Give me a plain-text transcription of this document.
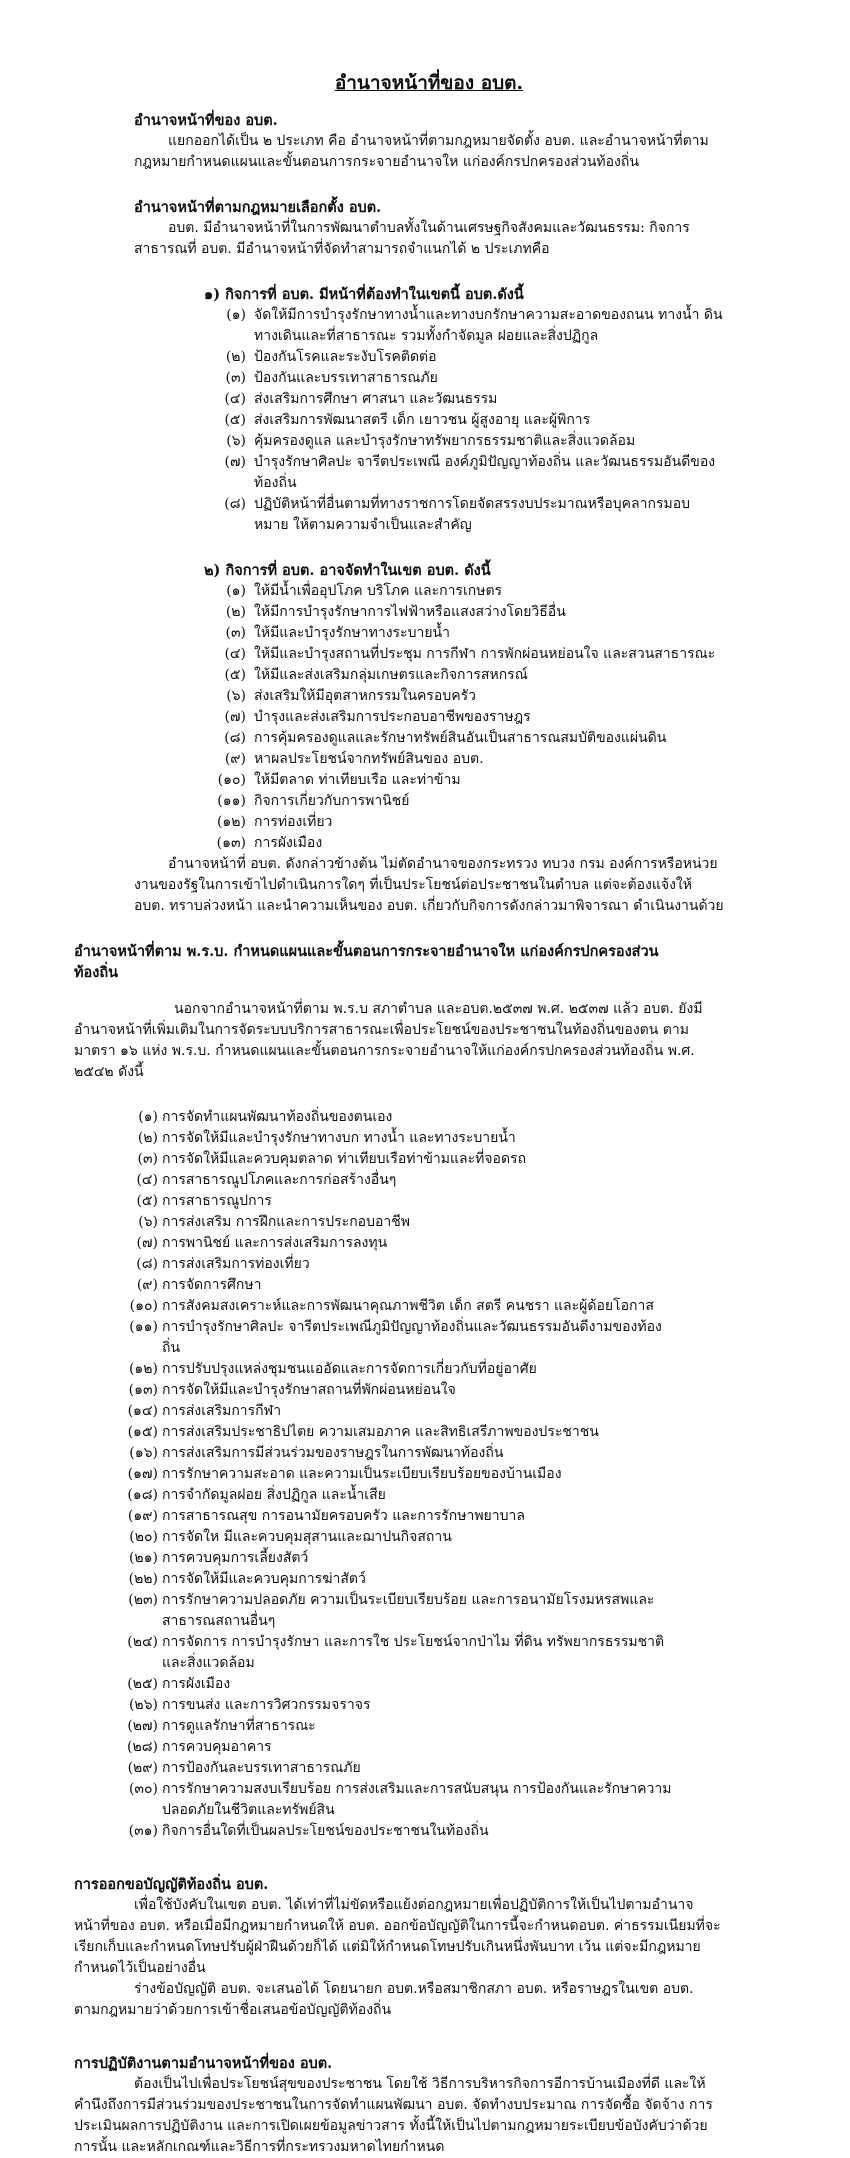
อำนาจหน้าที่ของ อบต.

อำนาจหน้าที่ของ อบต.

แยกออกได้เป็น ๒ ประเภท คือ อำนาจหน้าที่ตามกฎหมายจัดตั้ง อบต. และอำนาจหน้าที่ตามกฎหมายกำหนดแผนและขั้นตอนการกระจายอำนาจให แก่องค์กรปกครองส่วนท้องถิ่น

อำนาจหน้าที่ตามกฎหมายเลือกตั้ง อบต.

อบต. มีอำนาจหน้าที่ในการพัฒนาตำบลทั้งในด้านเศรษฐกิจสังคมและวัฒนธรรม: กิจการสาธารณที่ อบต. มีอำนาจหน้าที่จัดทำสามารถจำแนกได้ ๒ ประเภทคือ

๑) กิจการที่ อบต. มีหน้าที่ต้องทำในเขตนี้ อบต.ดังนี้

(๑) จัดให้มีการบำรุงรักษาทางน้ำและทางบกรักษาความสะอาดของถนน ทางน้ำ ดินทางเดินและที่สาธารณะ รวมทั้งกำจัดมูล ฝอยและสิ่งปฏิกูล
(๒) ป้องกันโรคและระงับโรคติดต่อ
(๓) ป้องกันและบรรเทาสาธารณภัย
(๔) ส่งเสริมการศึกษา ศาสนา และวัฒนธรรม
(๕) ส่งเสริมการพัฒนาสตรี เด็ก เยาวชน ผู้สูงอายุ และผู้พิการ
(๖) คุ้มครองดูแล และบำรุงรักษาทรัพยากรธรรมชาติและสิ่งแวดล้อม
(๗) บำรุงรักษาศิลปะ จารีตประเพณี องค์ภูมิปัญญาท้องถิ่น และวัฒนธรรมอันดีของท้องถิ่น
(๘) ปฏิบัติหน้าที่อื่นตามที่ทางราชการโดยจัดสรรงบประมาณหรือบุคลากรมอบหมาย ให้ตามความจำเป็นและสำคัญ

๒) กิจการที่ อบต. อาจจัดทำในเขต อบต. ดังนี้

(๑) ให้มีน้ำเพื่ออุปโภค บริโภค และการเกษตร
(๒) ให้มีการบำรุงรักษาการไฟฟ้าหรือแสงสว่างโดยวิธีอื่น
(๓) ให้มีและบำรุงรักษาทางระบายน้ำ
(๔) ให้มีและบำรุงสถานที่ประชุม การกีฬา การพักผ่อนหย่อนใจ และสวนสาธารณะ
(๕) ให้มีและส่งเสริมกลุ่มเกษตรและกิจการสหกรณ์
(๖) ส่งเสริมให้มีอุตสาหกรรมในครอบครัว
(๗) บำรุงและส่งเสริมการประกอบอาชีพของราษฎร
(๘) การคุ้มครองดูแลและรักษาทรัพย์สินอันเป็นสาธารณสมบัติของแผ่นดิน
(๙) หาผลประโยชน์จากทรัพย์สินของ อบต.
(๑๐) ให้มีตลาด ท่าเทียบเรือ และท่าข้าม
(๑๑) กิจการเกี่ยวกับการพานิชย์
(๑๒) การท่องเที่ยว
(๑๓) การผังเมือง

อำนาจหน้าที่ อบต. ดังกล่าวข้างต้น ไม่ตัดอำนาจของกระทรวง ทบวง กรม องค์การหรือหน่วยงานของรัฐในการเข้าไปดำเนินการใดๆ ที่เป็นประโยชน์ต่อประชาชนในตำบล แต่จะต้องแจ้งให้ อบต. ทราบล่วงหน้า และนำความเห็นของ อบต. เกี่ยวกับกิจการดังกล่าวมาพิจารณา ดำเนินงานด้วย

อำนาจหน้าที่ตาม พ.ร.บ. กำหนดแผนและขั้นตอนการกระจายอำนาจให แก่องค์กรปกครองส่วนท้องถิ่น

นอกจากอำนาจหน้าที่ตาม พ.ร.บ สภาตำบล และอบต.๒๕๓๗ พ.ศ. ๒๕๓๗ แล้ว อบต. ยังมีอำนาจหน้าที่เพิ่มเติมในการจัดระบบบริการสาธารณะเพื่อประโยชน์ของประชาชนในท้องถิ่นของตน ตาม มาตรา ๑๖ แห่ง พ.ร.บ. กำหนดแผนและขั้นตอนการกระจายอำนาจให้แก่องค์กรปกครองส่วนท้องถิ่น พ.ศ. ๒๕๔๒ ดังนี้

(๑) การจัดทำแผนพัฒนาท้องถิ่นของตนเอง
(๒) การจัดให้มีและบำรุงรักษาทางบก ทางน้ำ และทางระบายน้ำ
(๓) การจัดให้มีและควบคุมตลาด ท่าเทียบเรือท่าข้ามและที่จอดรถ
(๔) การสาธารณูปโภคและการก่อสร้างอื่นๆ
(๕) การสาธารณูปการ
(๖) การส่งเสริม การฝึกและการประกอบอาชีพ
(๗) การพานิชย์ และการส่งเสริมการลงทุน
(๘) การส่งเสริมการท่องเที่ยว
(๙) การจัดการศึกษา
(๑๐) การสังคมสงเคราะห์และการพัฒนาคุณภาพชีวิต เด็ก สตรี คนชรา และผู้ด้อยโอกาส
(๑๑) การบำรุงรักษาศิลปะ จารีตประเพณีภูมิปัญญาท้องถิ่นและวัฒนธรรมอันดีงามของท้องถิ่น
(๑๒) การปรับปรุงแหล่งชุมชนแออัดและการจัดการเกี่ยวกับที่อยู่อาศัย
(๑๓) การจัดให้มีและบำรุงรักษาสถานที่พักผ่อนหย่อนใจ
(๑๔) การส่งเสริมการกีฬา
(๑๕) การส่งเสริมประชาธิปไตย ความเสมอภาค และสิทธิเสรีภาพของประชาชน
(๑๖) การส่งเสริมการมีส่วนร่วมของราษฎรในการพัฒนาท้องถิ่น
(๑๗) การรักษาความสะอาด และความเป็นระเบียบเรียบร้อยของบ้านเมือง
(๑๘) การจำกัดมูลฝอย สิ่งปฏิกูล และน้ำเสีย
(๑๙) การสาธารณสุข การอนามัยครอบครัว และการรักษาพยาบาล
(๒๐) การจัดให มีและควบคุมสุสานและฌาปนกิจสถาน
(๒๑) การควบคุมการเลี้ยงสัตว์
(๒๒) การจัดให้มีและควบคุมการฆ่าสัตว์
(๒๓) การรักษาความปลอดภัย ความเป็นระเบียบเรียบร้อย และการอนามัยโรงมหรสพและสาธารณสถานอื่นๆ
(๒๔) การจัดการ การบำรุงรักษา และการใช ประโยชน์จากป่าไม ที่ดิน ทรัพยากรธรรมชาติ และสิ่งแวดล้อม
(๒๕) การผังเมือง
(๒๖) การขนส่ง และการวิศวกรรมจราจร
(๒๗) การดูแลรักษาที่สาธารณะ
(๒๘) การควบคุมอาคาร
(๒๙) การป้องกันละบรรเทาสาธารณภัย
(๓๐) การรักษาความสงบเรียบร้อย การส่งเสริมและการสนับสนุน การป้องกันและรักษาความปลอดภัยในชีวิตและทรัพย์สิน
(๓๑) กิจการอื่นใดที่เป็นผลประโยชน์ของประชาชนในท้องถิ่น

การออกขอบัญญัติท้องถิ่น อบต.

เพื่อใช้บังคับในเขต อบต. ได้เท่าที่ไม่ขัดหรือแย้งต่อกฎหมายเพื่อปฏิบัติการให้เป็นไปตามอำนาจหน้าที่ของ อบต. หรือเมื่อมีกฎหมายกำหนดให้ อบต. ออกข้อบัญญัติในการนี้จะกำหนดอบต. ค่าธรรมเนียมที่จะเรียกเก็บและกำหนดโทษปรับผู้ฝ่าฝืนด้วยก็ได้ แต่มิให้กำหนดโทษปรับเกินหนึ่งพันบาท เว้น แต่จะมีกฎหมายกำหนดไว้เป็นอย่างอื่น

ร่างข้อบัญญัติ อบต. จะเสนอได้ โดยนายก อบต.หรือสมาชิกสภา อบต. หรือราษฎรในเขต อบต. ตามกฎหมายว่าด้วยการเข้าชื่อเสนอข้อบัญญัติท้องถิ่น

การปฏิบัติงานตามอำนาจหน้าที่ของ อบต.

ต้องเป็นไปเพื่อประโยชน์สุขของประชาชน โดยใช้ วิธีการบริหารกิจการอีการบ้านเมืองที่ดี และให้คำนึงถึงการมีส่วนร่วมของประชาชนในการจัดทำแผนพัฒนา อบต. จัดทำงบประมาณ การจัดซื้อ จัดจ้าง การประเมินผลการปฏิบัติงาน และการเปิดเผยข้อมูลข่าวสาร ทั้งนี้ให้เป็นไปตามกฎหมายระเบียบข้อบังคับว่าด้วยการนั้น และหลักเกณฑ์และวิธีการที่กระทรวงมหาดไทยกำหนด
